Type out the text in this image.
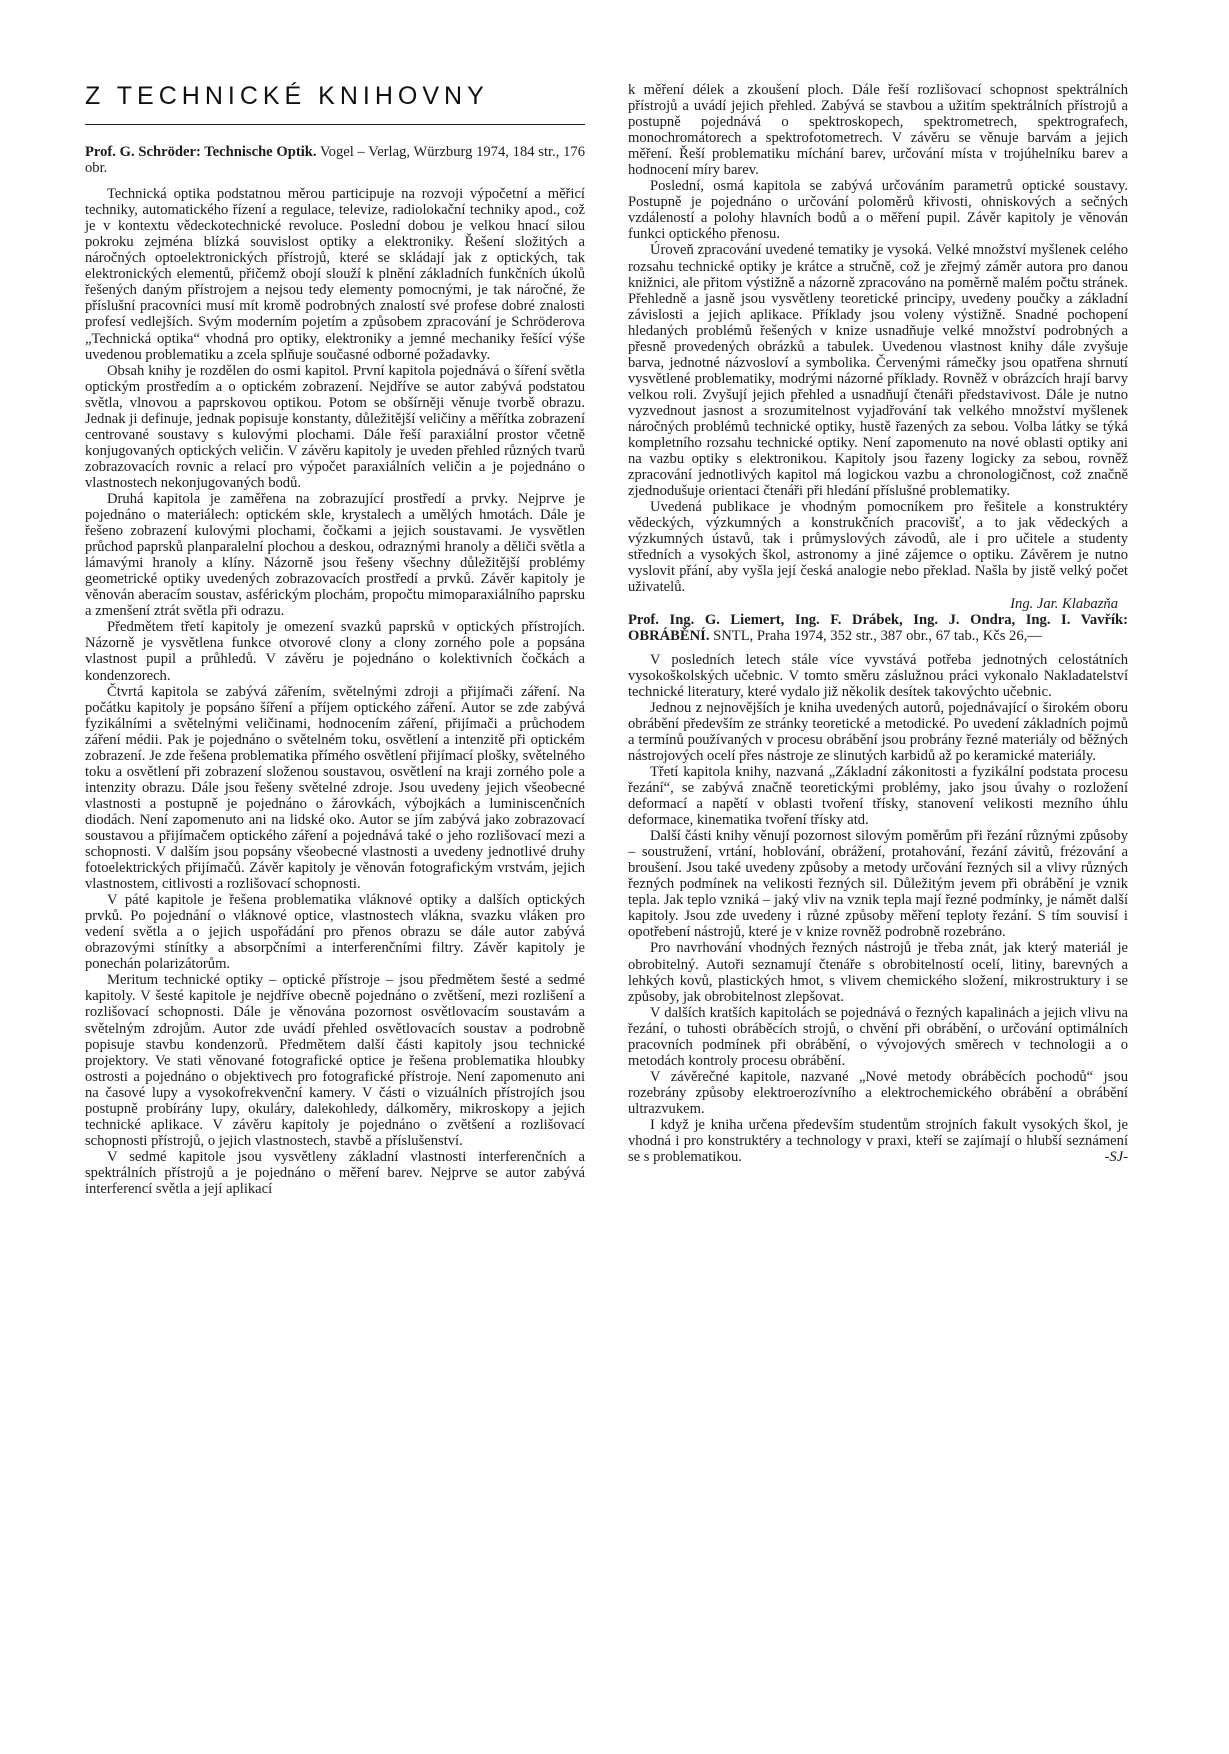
Z TECHNICKÉ KNIHOVNY

Prof. G. Schröder: Technische Optik. Vogel – Verlag, Würzburg 1974, 184 str., 176 obr.

Technická optika podstatnou měrou participuje na rozvoji výpočetní a měřicí techniky, automatického řízení a regulace, televize, radiolokační techniky apod., což je v kontextu vědeckotechnické revoluce. Poslední dobou je velkou hnací silou pokroku zejména blízká souvislost optiky a elektroniky. Řešení složitých a náročných optoelektronických přístrojů, které se skládají jak z optických, tak elektronických elementů, přičemž obojí slouží k plnění základních funkčních úkolů řešených daným přístrojem a nejsou tedy elementy pomocnými, je tak náročné, že příslušní pracovníci musí mít kromě podrobných znalostí své profese dobré znalosti profesí vedlejších. Svým moderním pojetím a způsobem zpracování je Schröderova „Technická optika“ vhodná pro optiky, elektroniky a jemné mechaniky řešící výše uvedenou problematiku a zcela splňuje současné odborné požadavky.

Obsah knihy je rozdělen do osmi kapitol. První kapitola pojednává o šíření světla optickým prostředím a o optickém zobrazení. Nejdříve se autor zabývá podstatou světla, vlnovou a paprskovou optikou. Potom se obšírněji věnuje tvorbě obrazu. Jednak ji definuje, jednak popisuje konstanty, důležitější veličiny a měřítka zobrazení centrované soustavy s kulovými plochami. Dále řeší paraxiální prostor včetně konjugovaných optických veličin. V závěru kapitoly je uveden přehled různých tvarů zobrazovacích rovnic a relací pro výpočet paraxiálních veličin a je pojednáno o vlastnostech nekonjugovaných bodů.

Druhá kapitola je zaměřena na zobrazující prostředí a prvky. Nejprve je pojednáno o materiálech: optickém skle, krystalech a umělých hmotách. Dále je řešeno zobrazení kulovými plochami, čočkami a jejich soustavami. Je vysvětlen průchod paprsků planparalelní plochou a deskou, odraznými hranoly a děliči světla a lámavými hranoly a klíny. Názorně jsou řešeny všechny důležitější problémy geometrické optiky uvedených zobrazovacích prostředí a prvků. Závěr kapitoly je věnován aberacím soustav, asférickým plochám, propočtu mimoparaxiálního paprsku a zmenšení ztrát světla při odrazu.

Předmětem třetí kapitoly je omezení svazků paprsků v optických přístrojích. Názorně je vysvětlena funkce otvorové clony a clony zorného pole a popsána vlastnost pupil a průhledů. V závěru je pojednáno o kolektivních čočkách a kondenzorech.

Čtvrtá kapitola se zabývá zářením, světelnými zdroji a přijímači záření. Na počátku kapitoly je popsáno šíření a příjem optického záření. Autor se zde zabývá fyzikálními a světelnými veličinami, hodnocením záření, přijímači a průchodem záření médii. Pak je pojednáno o světelném toku, osvětlení a intenzitě při optickém zobrazení. Je zde řešena problematika přímého osvětlení přijímací plošky, světelného toku a osvětlení při zobrazení složenou soustavou, osvětlení na kraji zorného pole a intenzity obrazu. Dále jsou řešeny světelné zdroje. Jsou uvedeny jejich všeobecné vlastnosti a postupně je pojednáno o žárovkách, výbojkách a luminiscenčních diodách. Není zapomenuto ani na lidské oko. Autor se jím zabývá jako zobrazovací soustavou a přijímačem optického záření a pojednává také o jeho rozlišovací mezi a schopnosti. V dalším jsou popsány všeobecné vlastnosti a uvedeny jednotlivé druhy fotoelektrických přijímačů. Závěr kapitoly je věnován fotografickým vrstvám, jejich vlastnostem, citlivosti a rozlišovací schopnosti.

V páté kapitole je řešena problematika vláknové optiky a dalších optických prvků. Po pojednání o vláknové optice, vlastnostech vlákna, svazku vláken pro vedení světla a o jejich uspořádání pro přenos obrazu se dále autor zabývá obrazovými stínítky a absorpčními a interferenčními filtry. Závěr kapitoly je ponechán polarizátorům.

Meritum technické optiky – optické přístroje – jsou předmětem šesté a sedmé kapitoly. V šesté kapitole je nejdříve obecně pojednáno o zvětšení, mezi rozlišení a rozlišovací schopnosti. Dále je věnována pozornost osvětlovacím soustavám a světelným zdrojům. Autor zde uvádí přehled osvětlovacích soustav a podrobně popisuje stavbu kondenzorů. Předmětem další části kapitoly jsou technické projektory. Ve stati věnované fotografické optice je řešena problematika hloubky ostrosti a pojednáno o objektivech pro fotografické přístroje. Není zapomenuto ani na časové lupy a vysokofrekvenční kamery. V části o vizuálních přístrojích jsou postupně probírány lupy, okuláry, dalekohledy, dálkoměry, mikroskopy a jejich technické aplikace. V závěru kapitoly je pojednáno o zvětšení a rozlišovací schopnosti přístrojů, o jejich vlastnostech, stavbě a příslušenství.

V sedmé kapitole jsou vysvětleny základní vlastnosti interferenčních a spektrálních přístrojů a je pojednáno o měření barev. Nejprve se autor zabývá interferencí světla a její aplikací

k měření délek a zkoušení ploch. Dále řeší rozlišovací schopnost spektrálních přístrojů a uvádí jejich přehled. Zabývá se stavbou a užitím spektrálních přístrojů a postupně pojednává o spektroskopech, spektrometrech, spektrografech, monochromátorech a spektrofotometrech. V závěru se věnuje barvám a jejich měření. Řeší problematiku míchání barev, určování místa v trojúhelníku barev a hodnocení míry barev.

Poslední, osmá kapitola se zabývá určováním parametrů optické soustavy. Postupně je pojednáno o určování poloměrů křivosti, ohniskových a sečných vzdáleností a polohy hlavních bodů a o měření pupil. Závěr kapitoly je věnován funkci optického přenosu.

Úroveň zpracování uvedené tematiky je vysoká. Velké množství myšlenek celého rozsahu technické optiky je krátce a stručně, což je zřejmý záměr autora pro danou knižnici, ale přitom výstižně a názorně zpracováno na poměrně malém počtu stránek. Přehledně a jasně jsou vysvětleny teoretické principy, uvedeny poučky a základní závislosti a jejich aplikace. Příklady jsou voleny výstižně. Snadné pochopení hledaných problémů řešených v knize usnadňuje velké množství podrobných a přesně provedených obrázků a tabulek. Uvedenou vlastnost knihy dále zvyšuje barva, jednotné názvosloví a symbolika. Červenými rámečky jsou opatřena shrnutí vysvětlené problematiky, modrými názorné příklady. Rovněž v obrázcích hrají barvy velkou roli. Zvyšují jejich přehled a usnadňují čtenáři představivost. Dále je nutno vyzvednout jasnost a srozumitelnost vyjadřování tak velkého množství myšlenek náročných problémů technické optiky, hustě řazených za sebou. Volba látky se týká kompletního rozsahu technické optiky. Není zapomenuto na nové oblasti optiky ani na vazbu optiky s elektronikou. Kapitoly jsou řazeny logicky za sebou, rovněž zpracování jednotlivých kapitol má logickou vazbu a chronologičnost, což značně zjednodušuje orientaci čtenáři při hledání příslušné problematiky.

Uvedená publikace je vhodným pomocníkem pro řešitele a konstruktéry vědeckých, výzkumných a konstrukčních pracovišť, a to jak vědeckých a výzkumných ústavů, tak i průmyslových závodů, ale i pro učitele a studenty středních a vysokých škol, astronomy a jiné zájemce o optiku. Závěrem je nutno vyslovit přání, aby vyšla její česká analogie nebo překlad. Našla by jistě velký počet uživatelů.

Ing. Jar. Klabazňa

Prof. Ing. G. Liemert, Ing. F. Drábek, Ing. J. Ondra, Ing. I. Vavřík: OBRÁBĚNÍ. SNTL, Praha 1974, 352 str., 387 obr., 67 tab., Kčs 26,—

V posledních letech stále více vyvstává potřeba jednotných celostátních vysokoškolských učebnic. V tomto směru záslužnou práci vykonalo Nakladatelství technické literatury, které vydalo již několik desítek takovýchto učebnic.

Jednou z nejnovějších je kniha uvedených autorů, pojednávající o širokém oboru obrábění především ze stránky teoretické a metodické. Po uvedení základních pojmů a termínů používaných v procesu obrábění jsou probrány řezné materiály od běžných nástrojových ocelí přes nástroje ze slinutých karbidů až po keramické materiály.

Třetí kapitola knihy, nazvaná „Základní zákonitosti a fyzikální podstata procesu řezání“, se zabývá značně teoretickými problémy, jako jsou úvahy o rozložení deformací a napětí v oblasti tvoření třísky, stanovení velikosti mezního úhlu deformace, kinematika tvoření třísky atd.

Další části knihy věnují pozornost silovým poměrům při řezání různými způsoby – soustružení, vrtání, hoblování, obrážení, protahování, řezání závitů, frézování a broušení. Jsou také uvedeny způsoby a metody určování řezných sil a vlivy různých řezných podmínek na velikosti řezných sil. Důležitým jevem při obrábění je vznik tepla. Jak teplo vzniká – jaký vliv na vznik tepla mají řezné podmínky, je námět další kapitoly. Jsou zde uvedeny i různé způsoby měření teploty řezání. S tím souvisí i opotřebení nástrojů, které je v knize rovněž podrobně rozebráno.

Pro navrhování vhodných řezných nástrojů je třeba znát, jak který materiál je obrobitelný. Autoři seznamují čtenáře s obrobitelností ocelí, litiny, barevných a lehkých kovů, plastických hmot, s vlivem chemického složení, mikrostruktury i se způsoby, jak obrobitelnost zlepšovat.

V dalších kratších kapitolách se pojednává o řezných kapalinách a jejich vlivu na řezání, o tuhosti obráběcích strojů, o chvění při obrábění, o určování optimálních pracovních podmínek při obrábění, o vývojových směrech v technologii a o metodách kontroly procesu obrábění.

V závěrečné kapitole, nazvané „Nové metody obráběcích pochodů“ jsou rozebrány způsoby elektroerozívního a elektrochemického obrábění a obrábění ultrazvukem.

I když je kniha určena především studentům strojních fakult vysokých škol, je vhodná i pro konstruktéry a technology v praxi, kteří se zajímají o hlubší seznámení se s problematikou.	-SJ-
